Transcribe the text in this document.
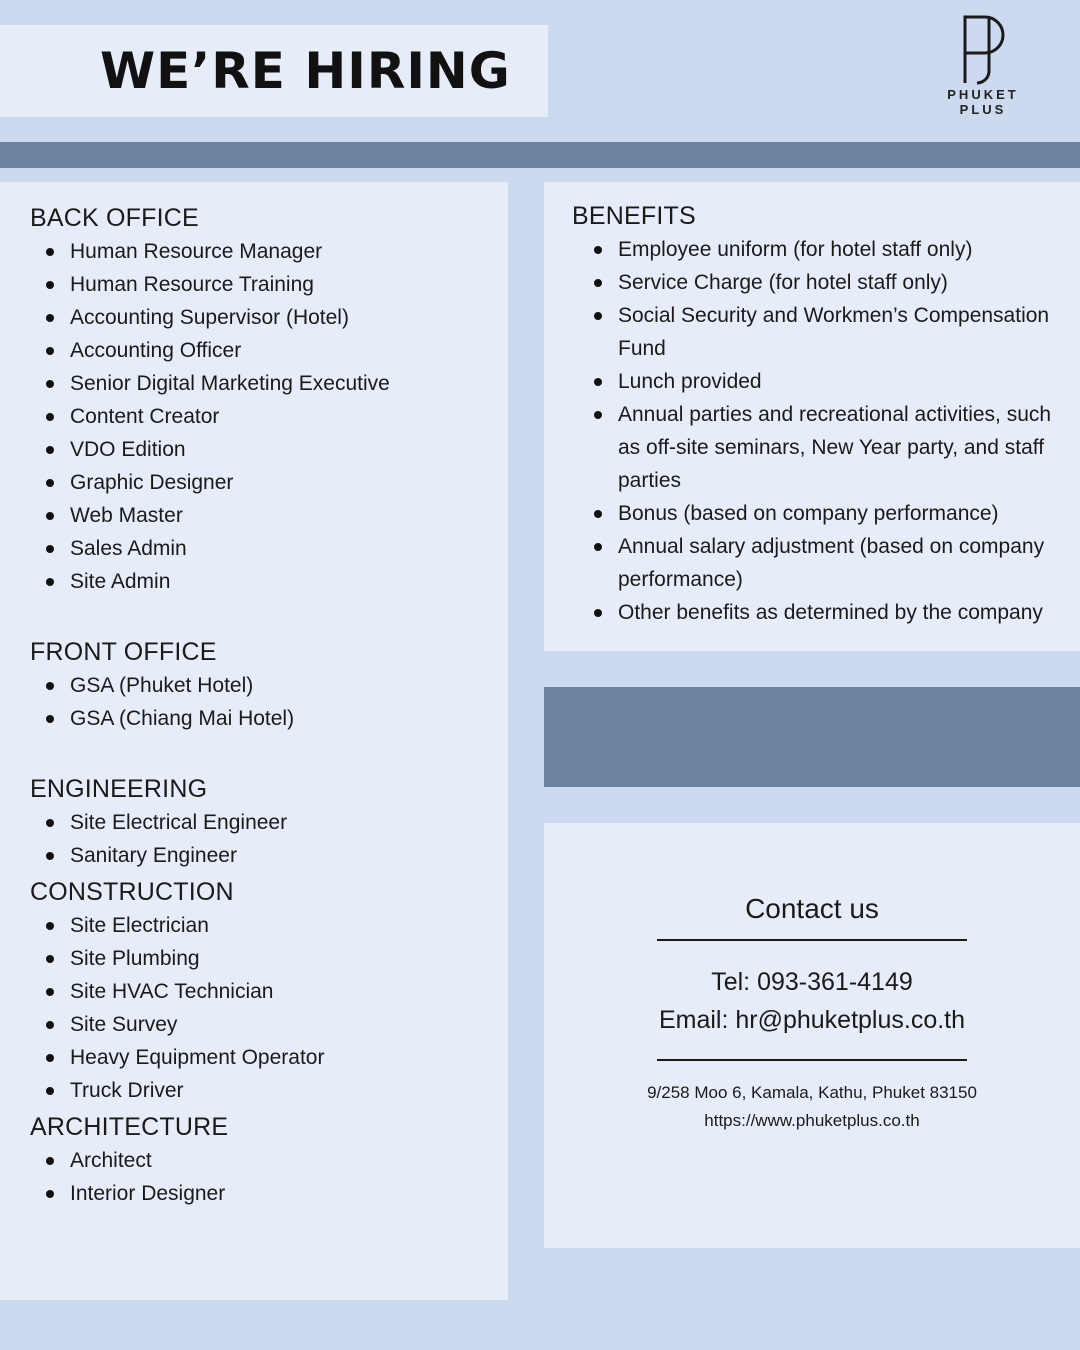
WE’RE HIRING	PHUKET
PLUS
BACK OFFICE
Human Resource Manager
Human Resource Training
Accounting Supervisor (Hotel)
Accounting Officer
Senior Digital Marketing Executive
Content Creator
VDO Edition
Graphic Designer
Web Master
Sales Admin
Site Admin
FRONT OFFICE
GSA (Phuket Hotel)
GSA (Chiang Mai Hotel)
ENGINEERING
Site Electrical Engineer
Sanitary Engineer
CONSTRUCTION
Site Electrician
Site Plumbing
Site HVAC Technician
Site Survey
Heavy Equipment Operator
Truck Driver
ARCHITECTURE
Architect
Interior Designer
BENEFITS
Employee uniform (for hotel staff only)
Service Charge (for hotel staff only)
Social Security and Workmen’s Compensation Fund
Lunch provided
Annual parties and recreational activities, such as off-site seminars, New Year party, and staff parties
Bonus (based on company performance)
Annual salary adjustment (based on company performance)
Other benefits as determined by the company
Contact us
Tel: 093-361-4149
Email: hr@phuketplus.co.th
9/258 Moo 6, Kamala, Kathu, Phuket 83150
https://www.phuketplus.co.th
